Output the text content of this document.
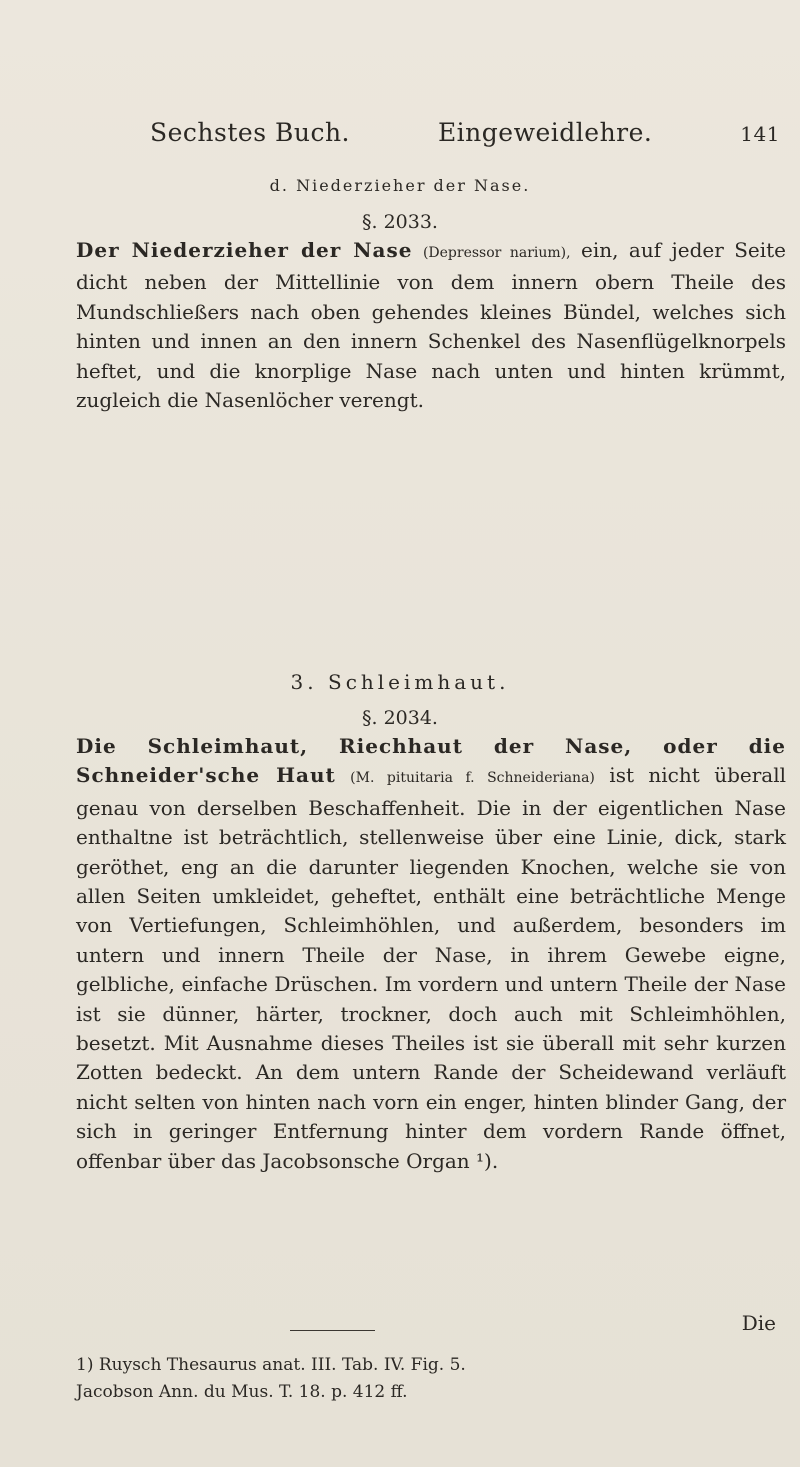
Sechstes Buch.	Eingeweidlehre.	141
d. Niederzieher der Nase.
§. 2033.

Der Niederzieher der Nase (Depressor narium), ein, auf jeder Seite dicht neben der Mittellinie von dem innern obern Theile des Mundschließers nach oben gehendes kleines Bündel, welches sich hinten und innen an den innern Schenkel des Nasenflügelknorpels heftet, und die knorplige Nase nach unten und hinten krümmt, zugleich die Nasenlöcher verengt.

3. Schleimhaut.
§. 2034.

Die Schleimhaut, Riechhaut der Nase, oder die Schneider'sche Haut (M. pituitaria f. Schneideriana) ist nicht überall genau von derselben Beschaffenheit. Die in der eigentlichen Nase enthaltne ist beträchtlich, stellenweise über eine Linie, dick, stark geröthet, eng an die darunter liegenden Knochen, welche sie von allen Seiten umkleidet, geheftet, enthält eine beträchtliche Menge von Vertiefungen, Schleimhöhlen, und außerdem, besonders im untern und innern Theile der Nase, in ihrem Gewebe eigne, gelbliche, einfache Drüschen. Im vordern und untern Theile der Nase ist sie dünner, härter, trockner, doch auch mit Schleimhöhlen, besetzt. Mit Ausnahme dieses Theiles ist sie überall mit sehr kurzen Zotten bedeckt. An dem untern Rande der Scheidewand verläuft nicht selten von hinten nach vorn ein enger, hinten blinder Gang, der sich in geringer Entfernung hinter dem vordern Rande öffnet, offenbar über das Jacobsonsche Organ ¹).

Die

1) Ruysch Thesaurus anat. III. Tab. IV. Fig. 5.
Jacobson Ann. du Mus. T. 18. p. 412 ff.
